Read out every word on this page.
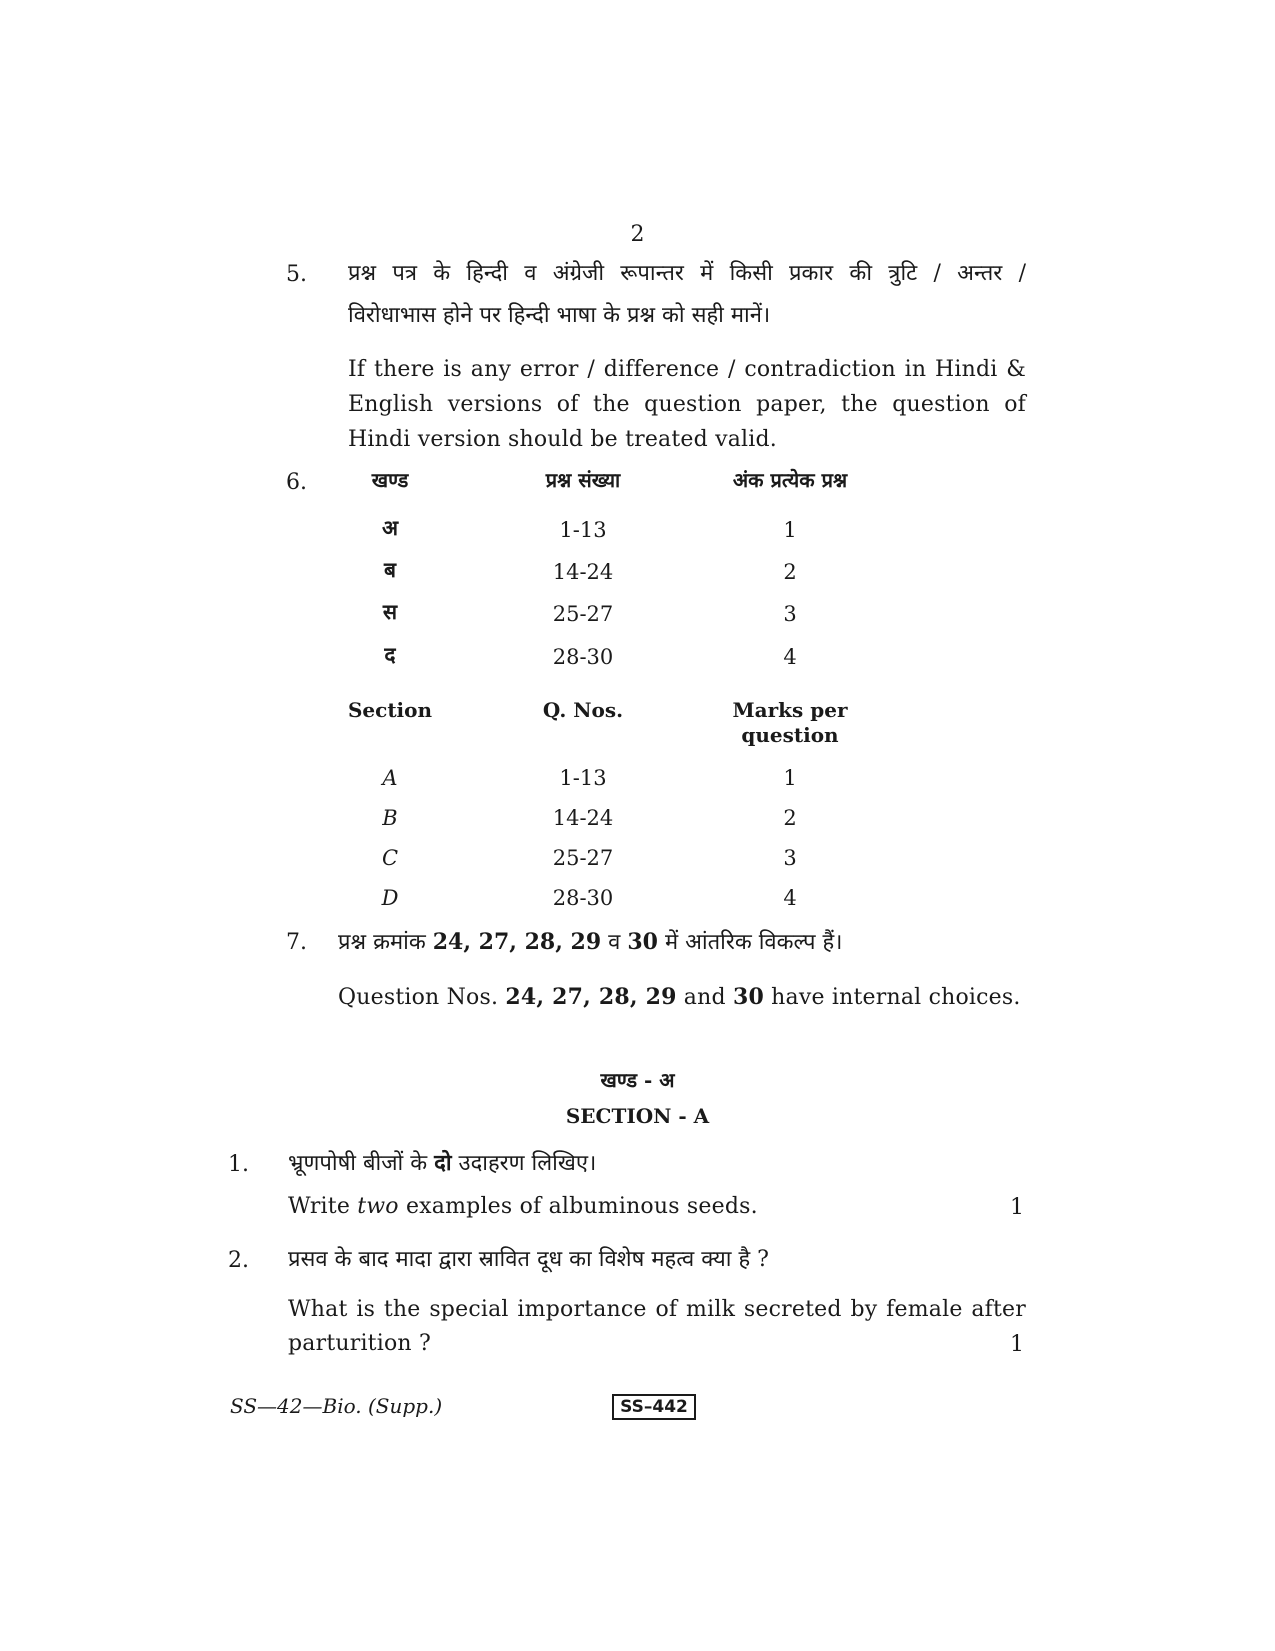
2
5. प्रश्न पत्र के हिन्दी व अंग्रेजी रूपान्तर में किसी प्रकार की त्रुटि / अन्तर /
विरोधाभास होने पर हिन्दी भाषा के प्रश्न को सही मानें।
If there is any error / difference / contradiction in Hindi & English versions of the question paper, the question of Hindi version should be treated valid.
6.	खण्ड	प्रश्न संख्या	अंक प्रत्येक प्रश्न
अ	1-13	1
ब	14-24	2
स	25-27	3
द	28-30	4
Section	Q. Nos.	Marks per
question
A	1-13	1
B	14-24	2
C	25-27	3
D	28-30	4
7. प्रश्न क्रमांक 24, 27, 28, 29 व 30 में आंतरिक विकल्प हैं।
Question Nos. 24, 27, 28, 29 and 30 have internal choices.
खण्ड - अ
SECTION - A
1. भ्रूणपोषी बीजों के दो उदाहरण लिखिए।
Write two examples of albuminous seeds.	1
2. प्रसव के बाद मादा द्वारा स्रावित दूध का विशेष महत्व क्या है ?
What is the special importance of milk secreted by female after
parturition ?	1
SS—42—Bio. (Supp.)	SS–442
